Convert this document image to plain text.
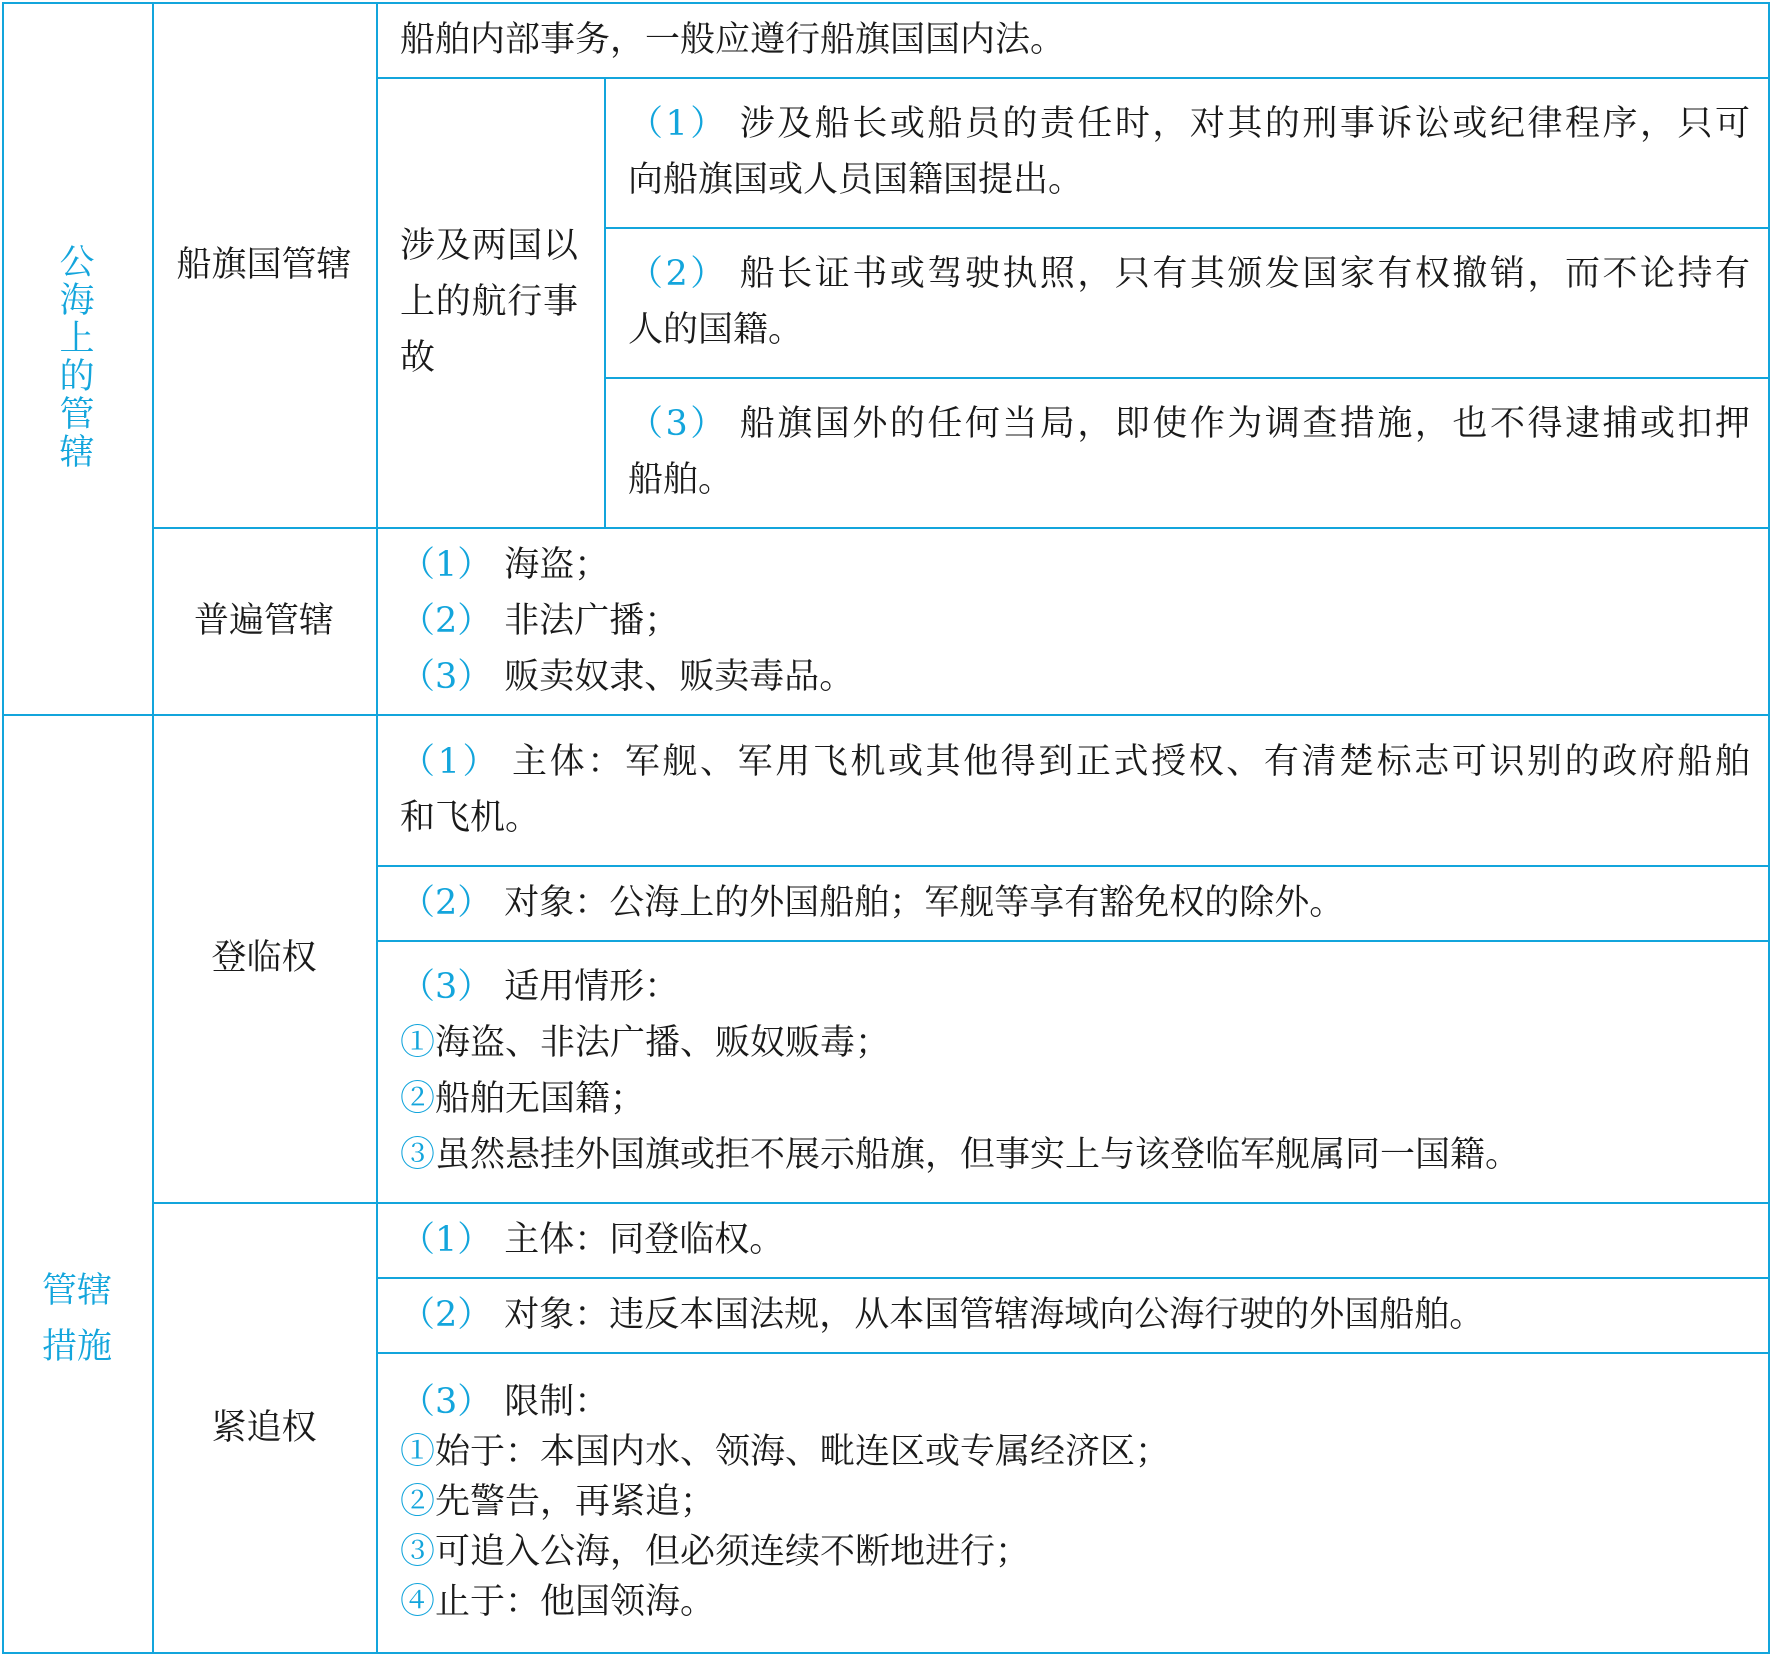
公海上的管辖
管辖措施
船旗国管辖
普遍管辖
登临权
紧追权
船舶内部事务，一般应遵行船旗国国内法。
涉及两国以上的航行事故
（1） 涉及船长或船员的责任时，对其的刑事诉讼或纪律程序，只可
向船旗国或人员国籍国提出。
（2） 船长证书或驾驶执照，只有其颁发国家有权撤销，而不论持有
人的国籍。
（3） 船旗国外的任何当局，即使作为调查措施，也不得逮捕或扣押
船舶。
（1） 海盗；
（2） 非法广播；
（3） 贩卖奴隶、贩卖毒品。
（1） 主体：军舰、军用飞机或其他得到正式授权、有清楚标志可识别的政府船舶
和飞机。
（2） 对象：公海上的外国船舶；军舰等享有豁免权的除外。
（3） 适用情形：
①海盗、非法广播、贩奴贩毒；
②船舶无国籍；
③虽然悬挂外国旗或拒不展示船旗，但事实上与该登临军舰属同一国籍。
（1） 主体：同登临权。
（2） 对象：违反本国法规，从本国管辖海域向公海行驶的外国船舶。
（3） 限制：
①始于：本国内水、领海、毗连区或专属经济区；
②先警告，再紧追；
③可追入公海，但必须连续不断地进行；
④止于：他国领海。
